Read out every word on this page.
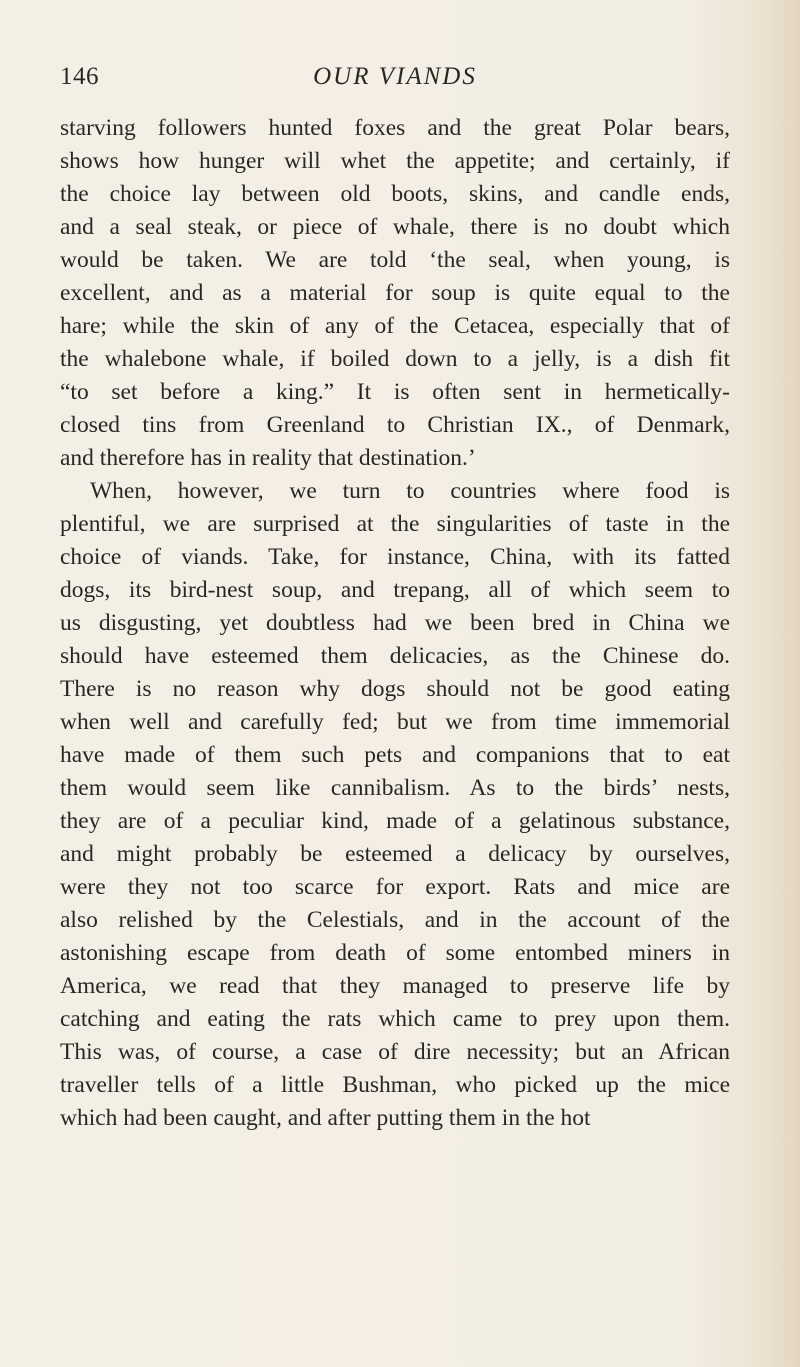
146	OUR VIANDS
starving followers hunted foxes and the great Polar bears,
shows how hunger will whet the appetite; and certainly, if
the choice lay between old boots, skins, and candle ends,
and a seal steak, or piece of whale, there is no doubt which
would be taken. We are told ‘the seal, when young, is
excellent, and as a material for soup is quite equal to the
hare; while the skin of any of the Cetacea, especially that of
the whalebone whale, if boiled down to a jelly, is a dish fit
“to set before a king.” It is often sent in hermetically-
closed tins from Greenland to Christian IX., of Denmark,
and therefore has in reality that destination.’
When, however, we turn to countries where food is
plentiful, we are surprised at the singularities of taste in the
choice of viands. Take, for instance, China, with its fatted
dogs, its bird-nest soup, and trepang, all of which seem to
us disgusting, yet doubtless had we been bred in China we
should have esteemed them delicacies, as the Chinese do.
There is no reason why dogs should not be good eating
when well and carefully fed; but we from time immemorial
have made of them such pets and companions that to eat
them would seem like cannibalism. As to the birds’ nests,
they are of a peculiar kind, made of a gelatinous substance,
and might probably be esteemed a delicacy by ourselves,
were they not too scarce for export. Rats and mice are
also relished by the Celestials, and in the account of the
astonishing escape from death of some entombed miners in
America, we read that they managed to preserve life by
catching and eating the rats which came to prey upon them.
This was, of course, a case of dire necessity; but an African
traveller tells of a little Bushman, who picked up the mice
which had been caught, and after putting them in the hot
